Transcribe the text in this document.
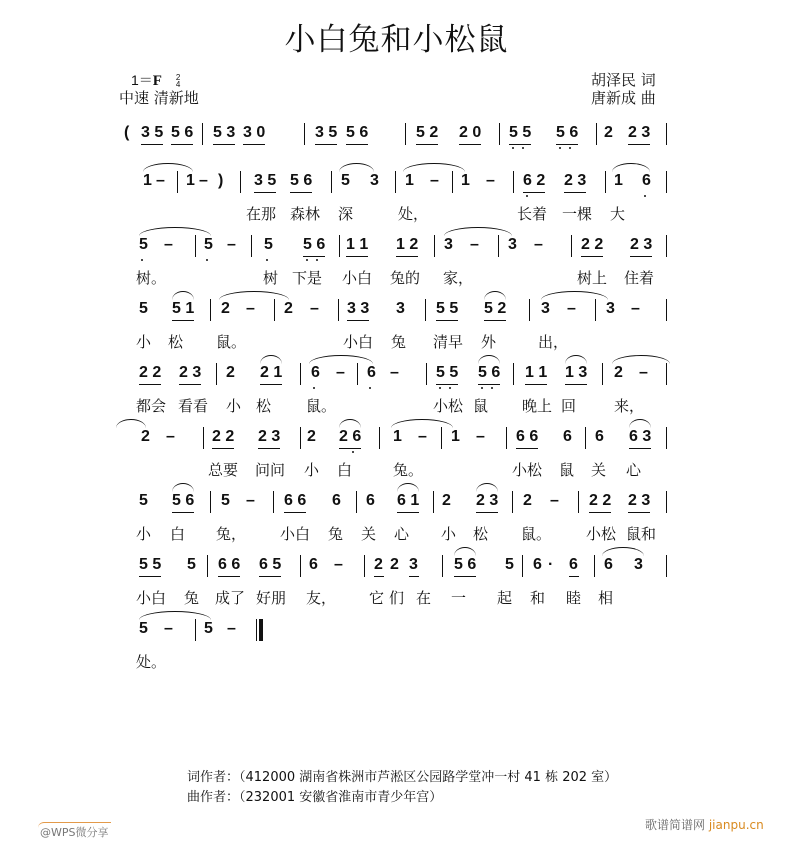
小白兔和小松鼠
1＝F 2
4
中速 清新地
胡泽民 词
唐新成 曲
( 3 5 5 6 5 3 3 0	3 5 5 6	5 2 2 0 5 5 5 6 2 2 3
1 – 1 – ) 3 5 5 6 5 3 1 – 1 – 6 2 2 3 1 6
在那 森林 深	处，	长着 一棵 大
5 – 5 – 5 5 6 1 1 1 2 3 – 3 – 2 2 2 3
树。	树 下是 小白 兔的 家，	树上 住着
5 5 1 2 – 2 – 3 3 3 5 5 5 2 3 – 3 –
小 松 鼠。	小白 兔 清早 外	出，
2 2 2 3 2 2 1 6 – 6 – 5 5 5 6 1 1 1 3 2 –
都会 看看 小 松 鼠。	小松 鼠 晚上 回	来，
2 – 2 2 2 3 2 2 6 1 – 1 – 6 6 6 6 6 3
总要 问问 小 白	兔。	小松 鼠 关 心
5 5 6 5 – 6 6 6 6 6 1 2 2 3 2 – 2 2 2 3
小 白 兔， 小白 兔 关 心 小 松 鼠。 小松 鼠和
5 5 5 6 6 6 5 6 – 2 2 3 5 6 5 6 · 6 6 3
小白 兔 成了 好朋 友， 它 们 在 一 起 和 睦 相
5 – 5 –
处。
词作者：（412000 湖南省株洲市芦淞区公园路学堂冲一村 41 栋 202 室）
曲作者：（232001 安徽省淮南市青少年宫）
@WPS微分享
歌谱简谱网 jianpu.cn
